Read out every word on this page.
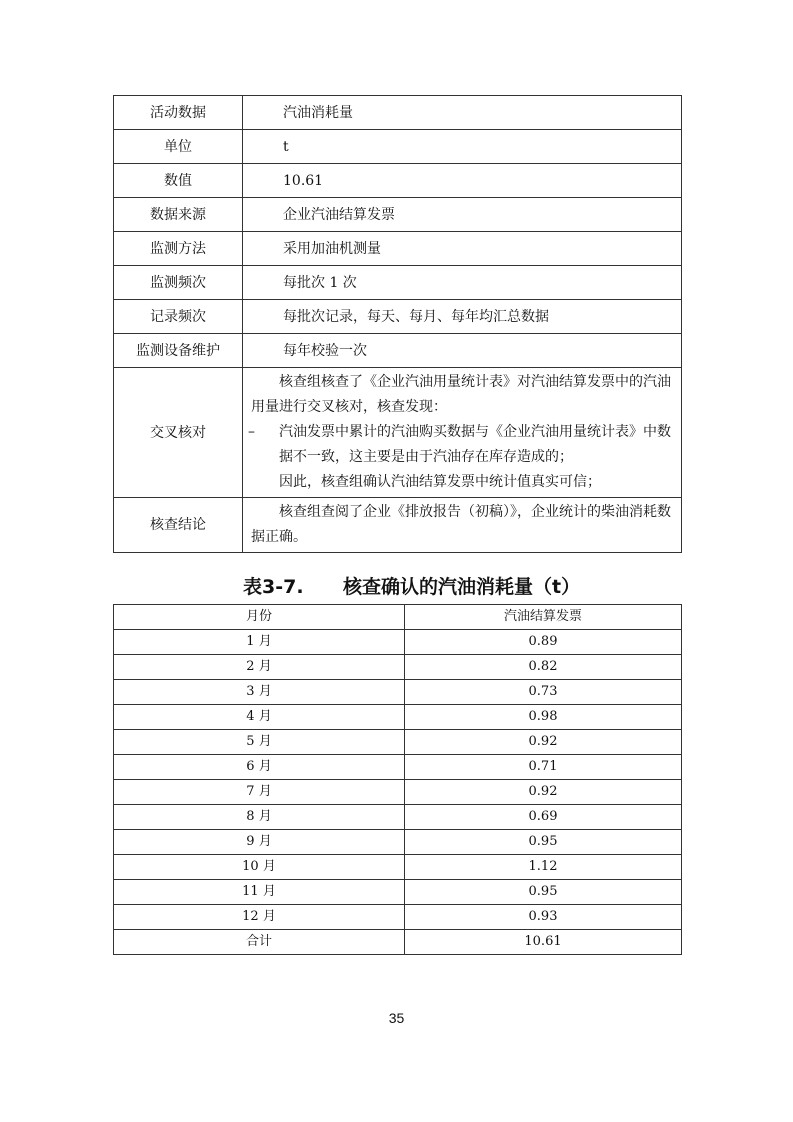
活动数据	汽油消耗量
单位	t
数值	10.61
数据来源	企业汽油结算发票
监测方法	采用加油机测量
监测频次	每批次 1 次
记录频次	每批次记录，每天、每月、每年均汇总数据
监测设备维护	每年校验一次
交叉核对	核查组核查了《企业汽油用量统计表》对汽油结算发票中的汽油用量进行交叉核对，核查发现：

– 汽油发票中累计的汽油购买数据与《企业汽油用量统计表》中数据不一致，这主要是由于汽油存在库存造成的；

因此，核查组确认汽油结算发票中统计值真实可信；

核查结论	核查组查阅了企业《排放报告（初稿）》，企业统计的柴油消耗数据正确。

表3-7. 核查确认的汽油消耗量（t）
月份	汽油结算发票
1 月	0.89
2 月	0.82
3 月	0.73
4 月	0.98
5 月	0.92
6 月	0.71
7 月	0.92
8 月	0.69
9 月	0.95
10 月	1.12
11 月	0.95
12 月	0.93
合计	10.61
35
